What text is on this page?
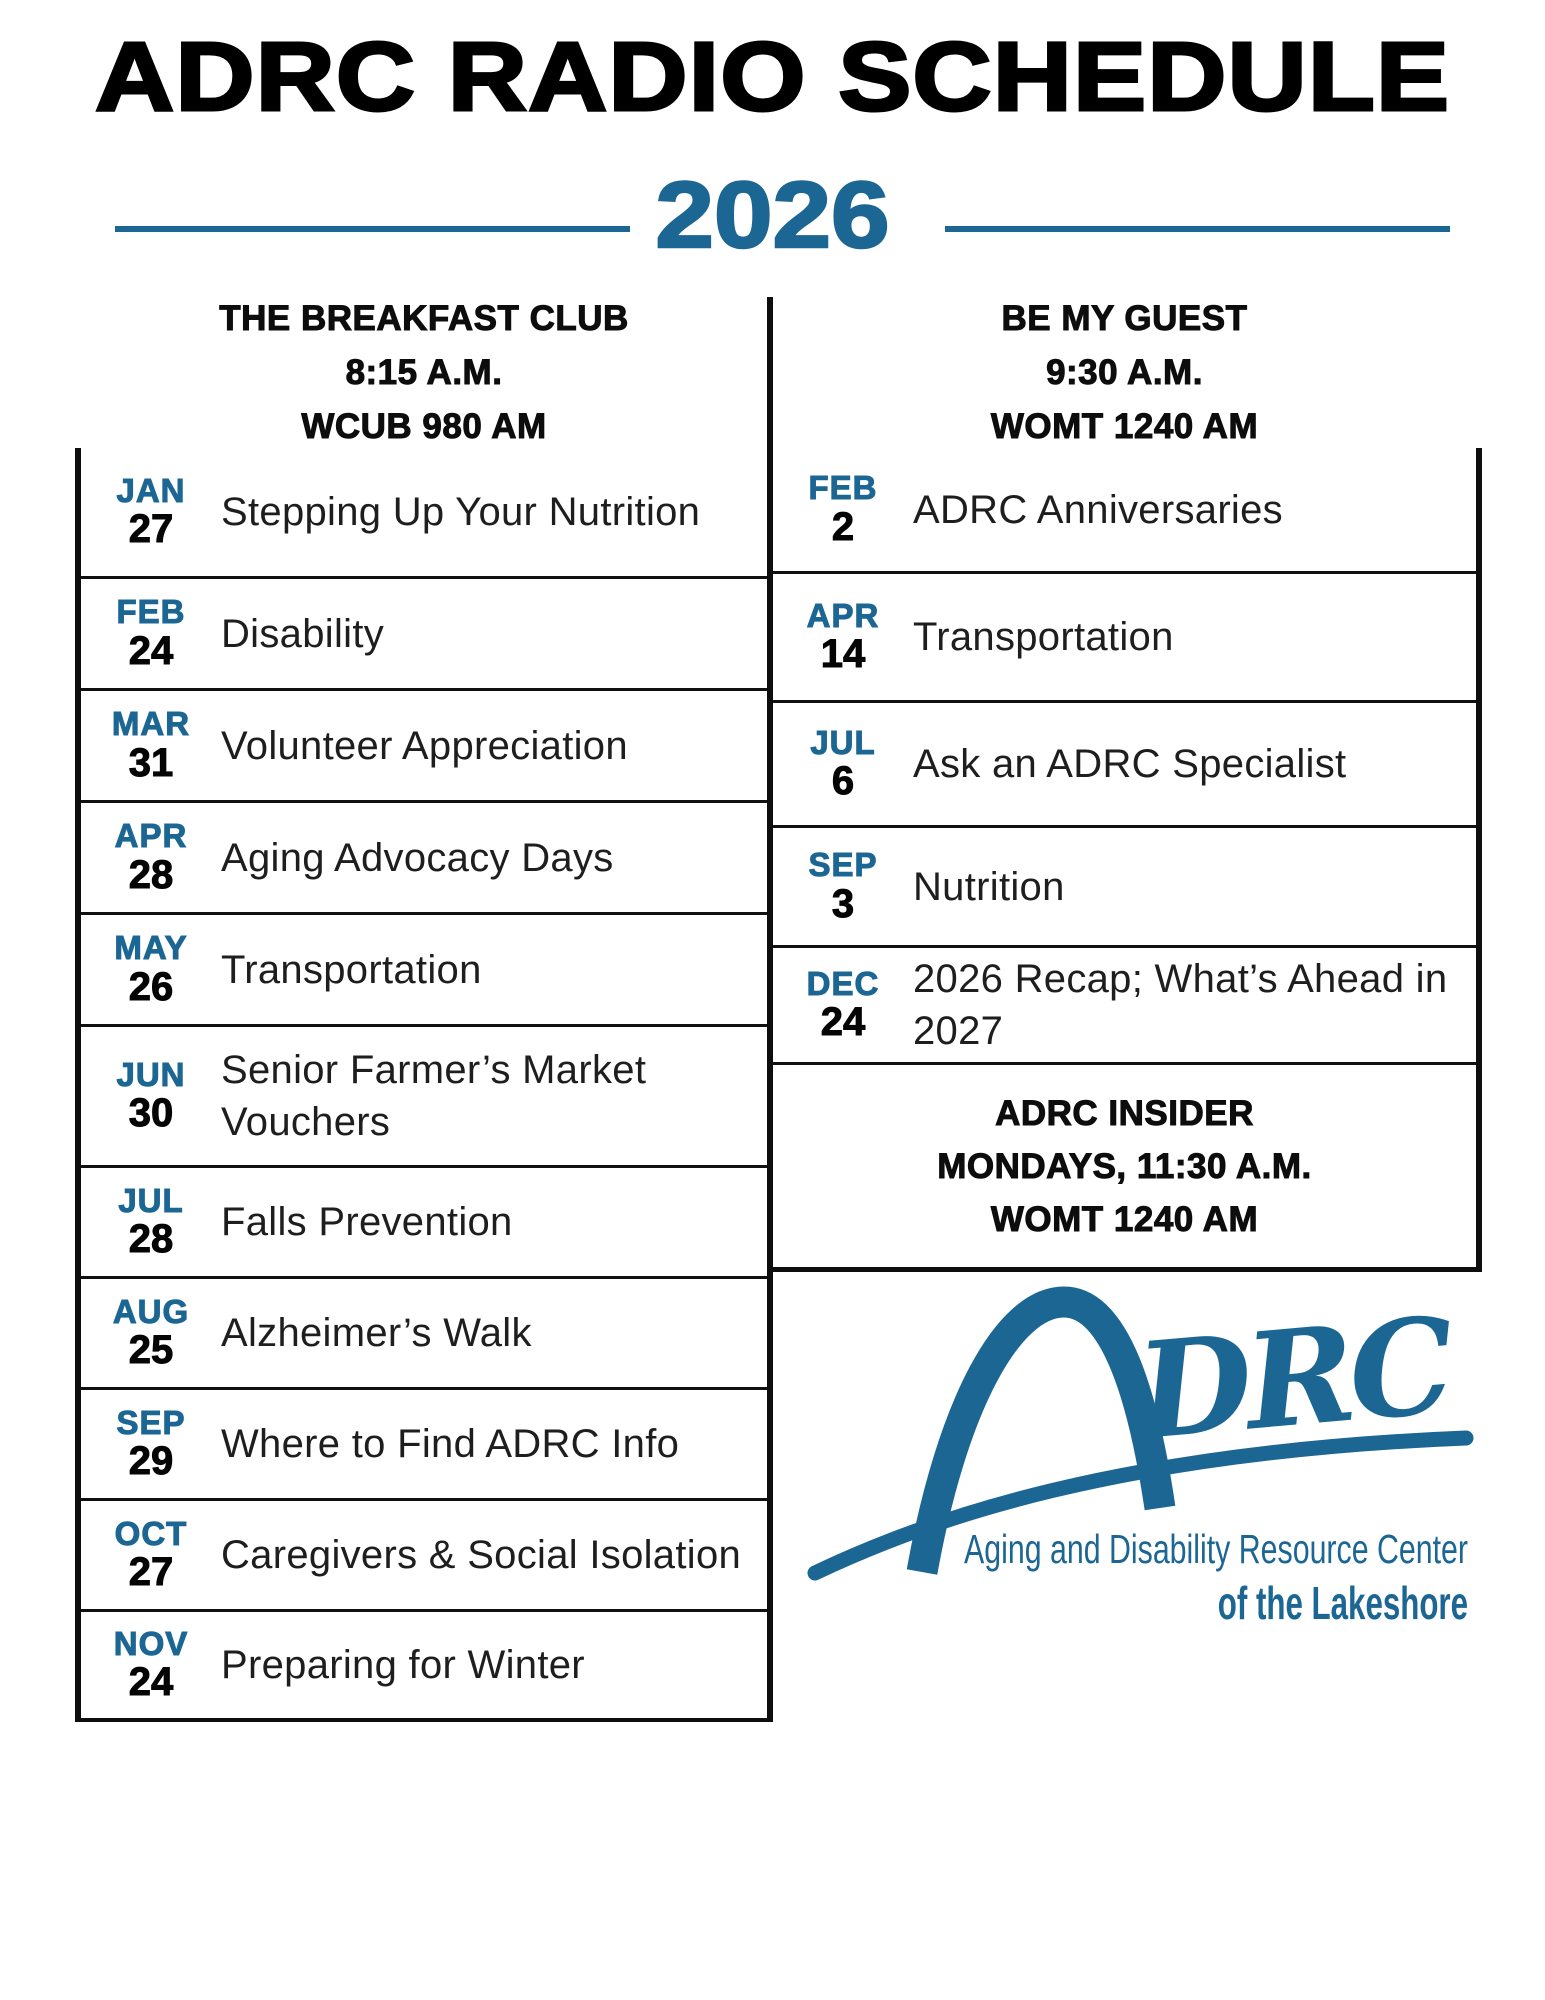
ADRC RADIO SCHEDULE

2026

THE BREAKFAST CLUB
8:15 A.M.
WCUB 980 AM
BE MY GUEST
9:30 A.M.
WOMT 1240 AM
JAN
27 Stepping Up Your Nutrition
FEB
24 Disability
MAR
31 Volunteer Appreciation
APR
28 Aging Advocacy Days
MAY
26 Transportation
JUN
30
Senior Farmer’s Market Vouchers
JUL
28 Falls Prevention
AUG
25 Alzheimer’s Walk
SEP
29 Where to Find ADRC Info
OCT
27 Caregivers & Social Isolation
NOV
24 Preparing for Winter
FEB
2 ADRC Anniversaries
APR
14 Transportation
JUL
6 Ask an ADRC Specialist
SEP
3 Nutrition
DEC
24
2026 Recap; What’s Ahead in 2027
ADRC INSIDER
MONDAYS, 11:30 A.M.
WOMT 1240 AM
DRC
Aging and Disability Resource Center
of the Lakeshore
